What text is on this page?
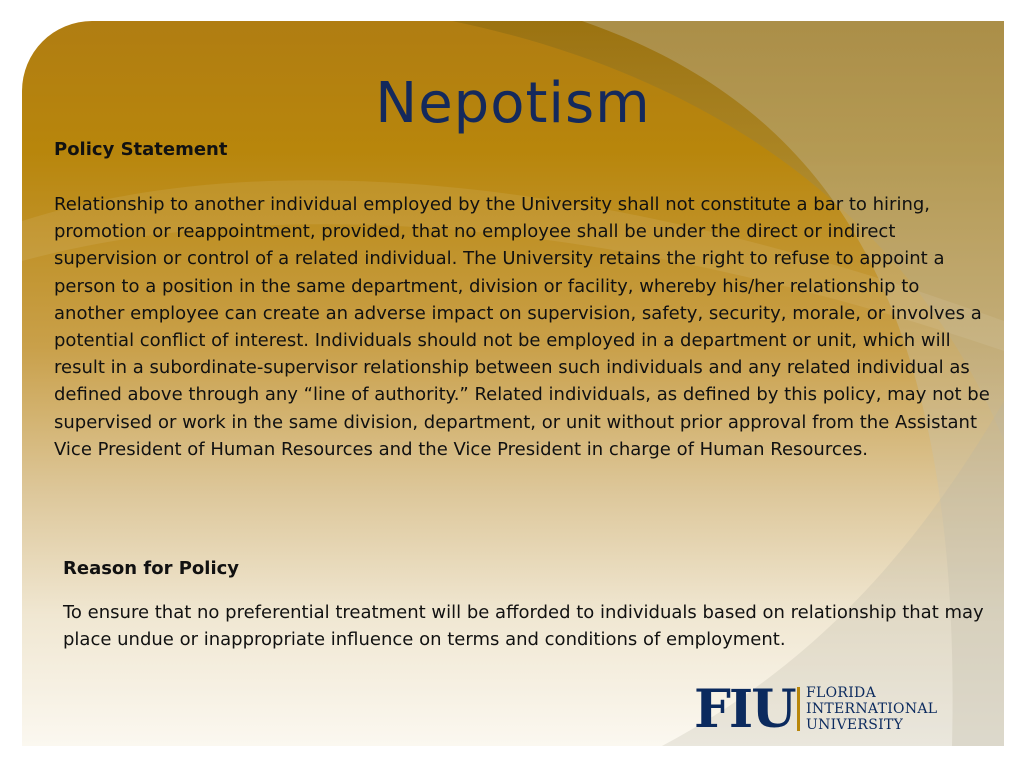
Nepotism
Policy Statement

Relationship to another individual employed by the University shall not constitute a bar to hiring, promotion or reappointment, provided, that no employee shall be under the direct or indirect supervision or control of a related individual. The University retains the right to refuse to appoint a person to a position in the same department, division or facility, whereby his/her relationship to another employee can create an adverse impact on supervision, safety, security, morale, or involves a potential conflict of interest. Individuals should not be employed in a department or unit, which will result in a subordinate-supervisor relationship between such individuals and any related individual as defined above through any “line of authority.” Related individuals, as defined by this policy, may not be supervised or work in the same division, department, or unit without prior approval from the Assistant Vice President of Human Resources and the Vice President in charge of Human Resources.

Reason for Policy

To ensure that no preferential treatment will be afforded to individuals based on relationship that may place undue or inappropriate influence on terms and conditions of employment.

FIU FLORIDA
INTERNATIONAL
UNIVERSITY
